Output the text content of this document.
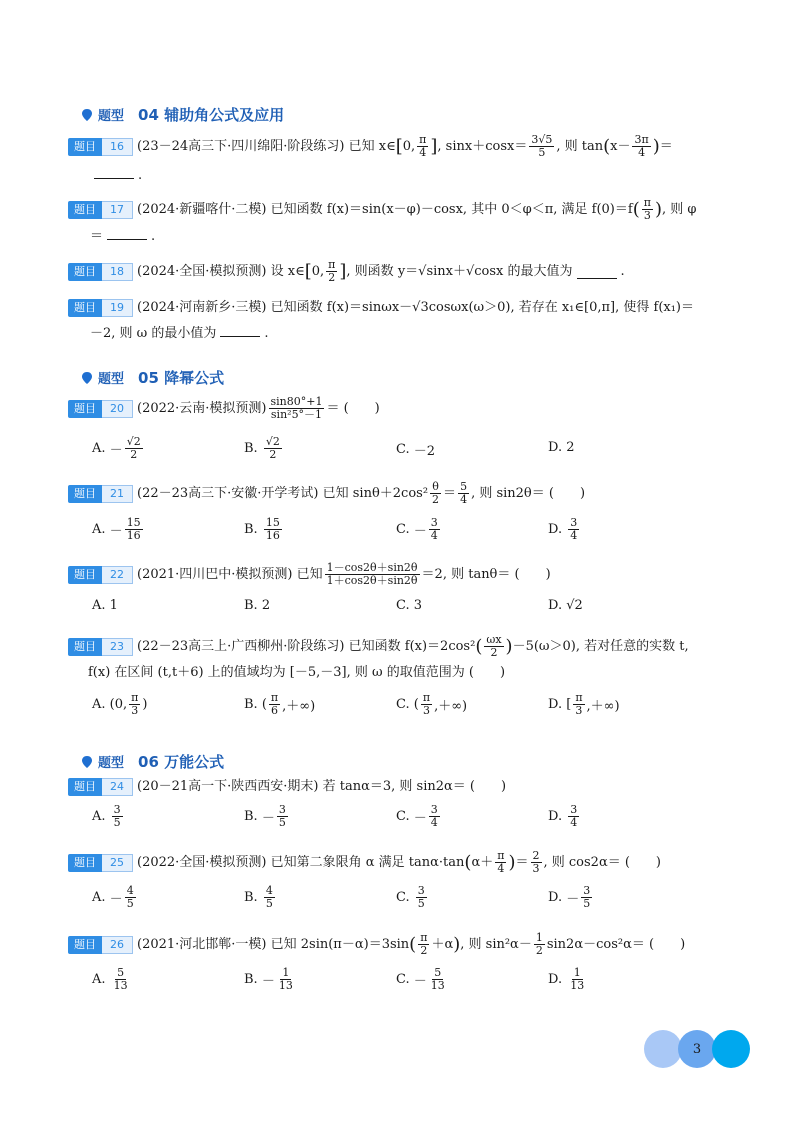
题型 04 辅助角公式及应用
题目	16	(23－24高三下·四川绵阳·阶段练习) 已知 x∈ [ 0, $\frac{\pi}{4}$ ] , $\sin x+\cos x= \frac{3√5}{5}$ , 则 tan ( $x- \frac{3\pi}{4}$ ) ＝
.
题目	17	(2024·新疆喀什·二模) 已知函数 f(x)＝sin(x－φ)－cosx, 其中 0＜φ＜π, 满足 f(0)＝f ( $\frac{\pi}{3}$ ) , 则 φ
＝	.
题目	18	(2024·全国·模拟预测) 设 x∈ [ 0, $\frac{\pi}{2}$ ] , 则函数 y＝√sinx＋√cosx 的最大值为	.
题目	19	(2024·河南新乡·三模) 已知函数 f(x)＝sinωx－√3cosωx(ω＞0), 若存在 x₁∈[0,π], 使得 f(x₁)＝
－2, 则 ω 的最小值为	.
题型 05 降幂公式
题目	20	(2022·云南·模拟预测) $\frac{\sin 80^\circ+1}{\text{sin²5°－1}}$ ＝ (　　)
A.
－ $\frac{√2}{2}$	B.
$\frac{√2}{2}$	C.
－2	D.
2
题目	21	(22－23高三下·安徽·开学考试) 已知 $\sin\theta+2\cos^2 \frac{\theta}{2} = \frac{5}{4}$ , 则 sin2θ＝ (　　)
A.
－ $\frac{15}{16}$	B.
$\frac{15}{16}$	C.
－ $\frac{3}{4}$	D.
$\frac{3}{4}$
题目	22	(2021·四川巴中·模拟预测) 已知 $\frac{1-\cos 2\theta+\sin 2\theta}{1+\cos 2\theta+\sin 2\theta} =2$, 则 tanθ＝ (　　)
A.
1	B.
2	C.
3	D.
√2
题目	23	(22－23高三上·广西柳州·阶段练习) 已知函数 f(x)＝2cos² ( $\frac{\omega x}{2}$ ) －5(ω＞0), 若对任意的实数 t,
f(x) 在区间 (t,t＋6) 上的值域均为 [－5,－3], 则 ω 的取值范围为 (　　)
A.
(0, $\frac{\pi}{3}$ )	B.
( $\frac{\pi}{6}$ ,＋∞)	C.
( $\frac{\pi}{3}$ ,＋∞)	D.
[ $\frac{\pi}{3}$ ,＋∞)
题型 06 万能公式
题目	24	(20－21高一下·陕西西安·期末) 若 tanα＝3, 则 sin2α＝ (　　)
A.
$\frac{3}{5}$	B.
－ $\frac{3}{5}$	C.
－ $\frac{3}{4}$	D.
$\frac{3}{4}$
题目	25	(2022·全国·模拟预测) 已知第二象限角 α 满足 tanα·tan ( $\alpha+ \frac{\pi}{4}$ ) ＝ $\frac{2}{3}$ , 则 cos2α＝ (　　)
A.
－ $\frac{4}{5}$	B.
$\frac{4}{5}$	C.
$\frac{3}{5}$	D.
－ $\frac{3}{5}$
题目	26	(2021·河北邯郸·一模) 已知 2sin(π－α)＝3sin ( $\frac{\pi}{2} +\alpha$ ) , 则 $\sin^2\alpha- \frac{1}{2} \sin 2\alpha-\cos^2\alpha=$ (　　)
A.
$\frac{5}{13}$	B.
－ $\frac{1}{13}$	C.
－ $\frac{5}{13}$	D.
$\frac{1}{13}$
3
